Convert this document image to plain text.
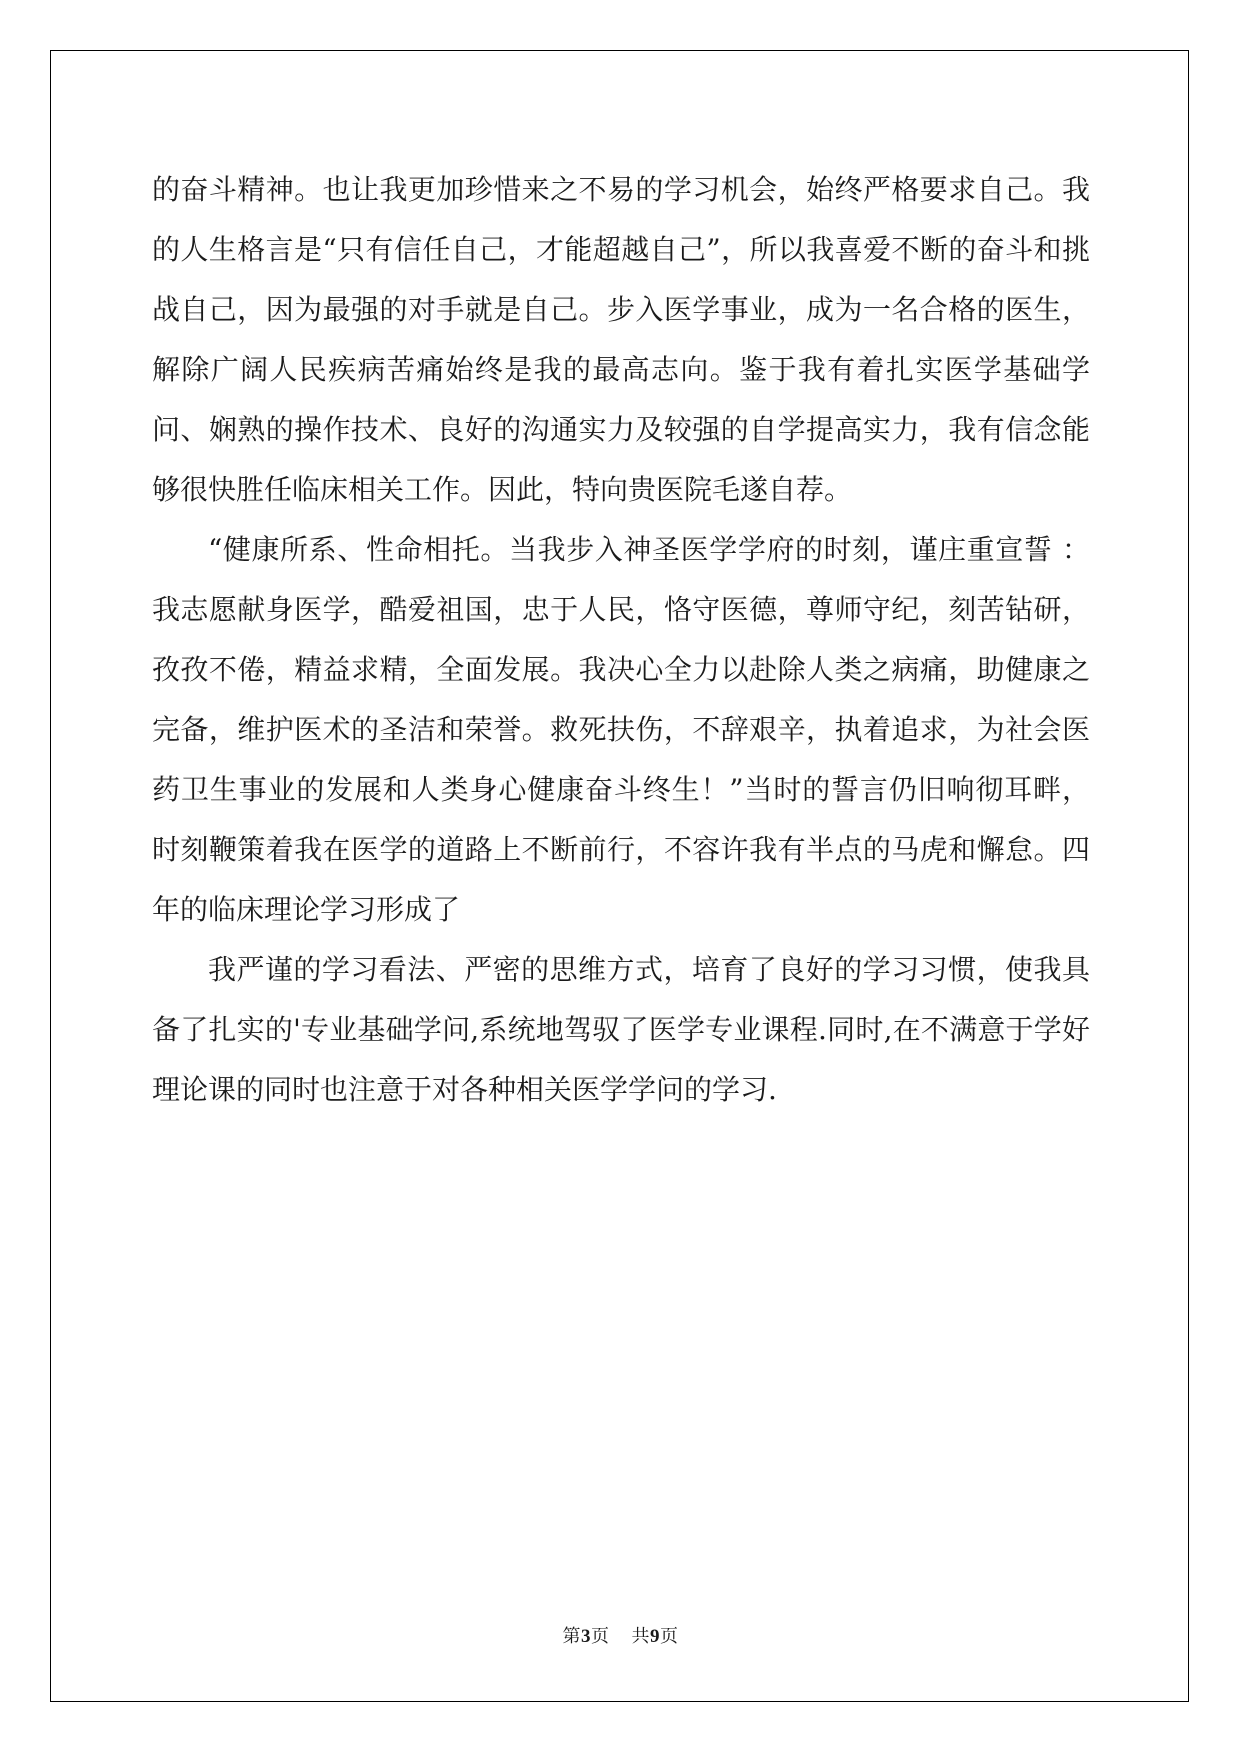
的奋斗精神。也让我更加珍惜来之不易的学习机会，始终严格要求自己。我的人生格言是“只有信任自己，才能超越自己”，所以我喜爱不断的奋斗和挑战自己，因为最强的对手就是自己。步入医学事业，成为一名合格的医生，解除广阔人民疾病苦痛始终是我的最高志向。鉴于我有着扎实医学基础学问、娴熟的操作技术、良好的沟通实力及较强的自学提高实力，我有信念能够很快胜任临床相关工作。因此，特向贵医院毛遂自荐。

“健康所系、性命相托。当我步入神圣医学学府的时刻，谨庄重宣誓 ：我志愿献身医学，酷爱祖国，忠于人民，恪守医德，尊师守纪，刻苦钻研，孜孜不倦，精益求精，全面发展。我决心全力以赴除人类之病痛，助健康之完备，维护医术的圣洁和荣誉。救死扶伤，不辞艰辛，执着追求，为社会医药卫生事业的发展和人类身心健康奋斗终生！”当时的誓言仍旧响彻耳畔，时刻鞭策着我在医学的道路上不断前行，不容许我有半点的马虎和懈怠。四年的临床理论学习形成了

我严谨的学习看法、严密的思维方式，培育了良好的学习习惯，使我具备了扎实的'专业基础学问,系统地驾驭了医学专业课程.同时,在不满意于学好理论课的同时也注意于对各种相关医学学问的学习.

第3页 共9页
